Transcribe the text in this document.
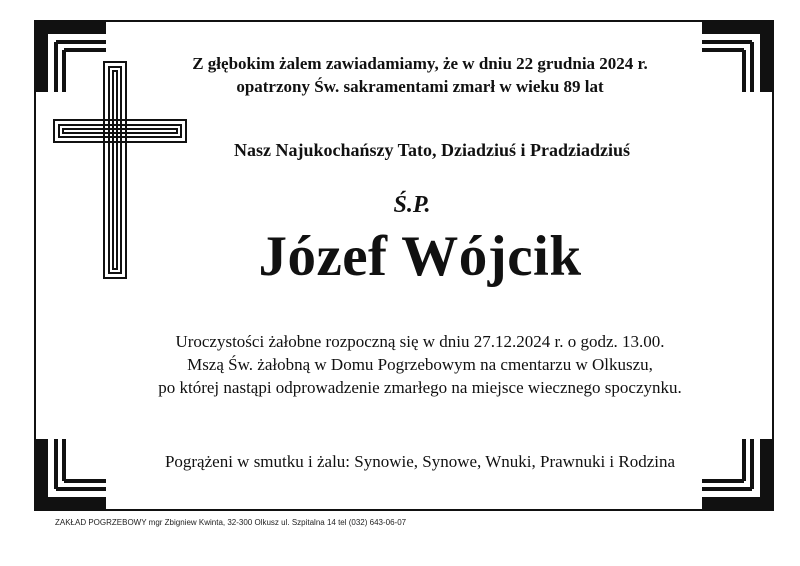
Z głębokim żalem zawiadamiamy, że w dniu 22 grudnia 2024 r.
opatrzony Św. sakramentami zmarł w wieku 89 lat
Nasz Najukochańszy Tato, Dziadziuś i Pradziadziuś
Ś.P.
Józef Wójcik
Uroczystości żałobne rozpoczną się w dniu 27.12.2024 r. o godz. 13.00.
Mszą Św. żałobną w Domu Pogrzebowym na cmentarzu w Olkuszu,
po której nastąpi odprowadzenie zmarłego na miejsce wiecznego spoczynku.
Pogrążeni w smutku i żalu: Synowie, Synowe, Wnuki, Prawnuki i Rodzina
ZAKŁAD POGRZEBOWY mgr Zbigniew Kwinta, 32-300 Olkusz ul. Szpitalna 14 tel (032) 643-06-07
